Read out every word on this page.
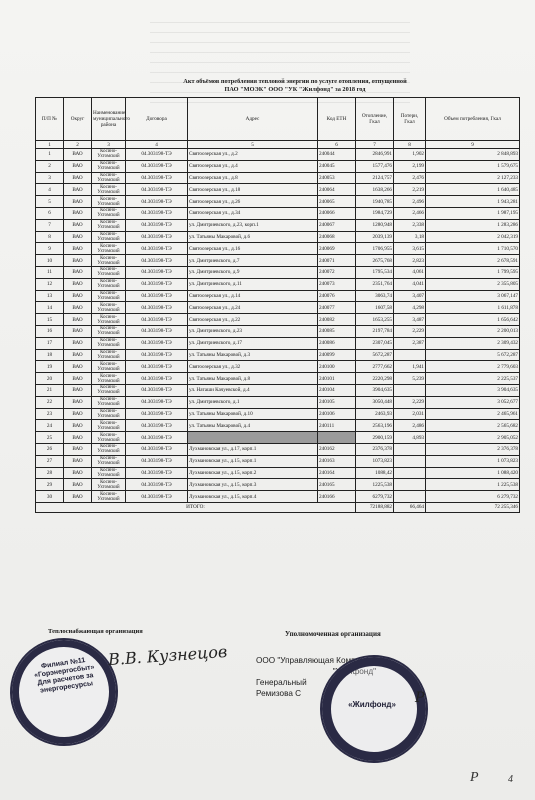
Акт объёмов потребления тепловой энергии по услуге отопления, отпущенной
ПАО "МОЭК" ООО "УК "Жилфонд" за 2018 год
П/П №	Округ	Наименование муниципального района	Договора	Адрес	Код ЕТН	Отопление, Гкал	Потери, Гкал	Объем потребления, Гкал
1	2	3	4	5	6	7	8	9
1	ВАО	Косино-Ухтомский	04.303198-ТЭ	Святоозерская ул., д.2	240044	2846,991	1,902	2 848,893
2	ВАО	Косино-Ухтомский	04.303198-ТЭ	Святоозерская ул., д.4	240045	1577,476	2,199	1 579,675
3	ВАО	Косино-Ухтомский	04.303198-ТЭ	Святоозерская ул., д.8	240053	2124,757	2,476	2 127,233
4	ВАО	Косино-Ухтомский	04.303198-ТЭ	Святоозерская ул., д.18	240064	1638,266	2,219	1 640,485
5	ВАО	Косино-Ухтомский	04.303198-ТЭ	Святоозерская ул., д.26	240065	1940,785	2,496	1 943,281
6	ВАО	Косино-Ухтомский	04.303198-ТЭ	Святоозерская ул., д.34	240066	1984,729	2,466	1 987,195
7	ВАО	Косино-Ухтомский	04.303198-ТЭ	ул. Дмитриевского, д.23, корп.1	240067	1280,948	2,338	1 283,286
8	ВАО	Косино-Ухтомский	04.303198-ТЭ	ул. Татьяны Макаровой, д.6	240068	2039,139	3,18	2 042,319
9	ВАО	Косино-Ухтомский	04.303198-ТЭ	Святоозерская ул., д.16	240069	1706,955	3,615	1 710,570
10	ВАО	Косино-Ухтомский	04.303198-ТЭ	ул. Дмитриевского, д.7	240071	2675,768	2,823	2 678,591
11	ВАО	Косино-Ухтомский	04.303198-ТЭ	ул. Дмитриевского, д.9	240072	1795,534	4,061	1 799,595
12	ВАО	Косино-Ухтомский	04.303198-ТЭ	ул. Дмитриевского, д.11	240073	2351,764	4,041	2 355,805
13	ВАО	Косино-Ухтомский	04.303198-ТЭ	Святоозерская ул., д.14	240076	3063,74	3,407	3 067,147
14	ВАО	Косино-Ухтомский	04.303198-ТЭ	Святоозерская ул., д.24	240077	1607,58	4,298	1 611,878
15	ВАО	Косино-Ухтомский	04.303198-ТЭ	Святоозерская ул., д.22	240082	1653,255	3,487	1 656,642
16	ВАО	Косино-Ухтомский	04.303198-ТЭ	ул. Дмитриевского, д.23	240085	2197,784	2,229	2 200,013
17	ВАО	Косино-Ухтомский	04.303198-ТЭ	ул. Дмитриевского, д.17	240086	2307,045	2,387	2 309,432
18	ВАО	Косино-Ухтомский	04.303198-ТЭ	ул. Татьяны Макаровой, д.3	240099	5672,287		5 672,287
19	ВАО	Косино-Ухтомский	04.303198-ТЭ	Святоозерская ул., д.32	240100	2777,662	1,941	2 779,603
20	ВАО	Косино-Ухтомский	04.303198-ТЭ	ул. Татьяны Макаровой, д.8	240101	2220,298	5,239	2 225,537
21	ВАО	Косино-Ухтомский	04.303198-ТЭ	ул. Наташи Качуевской, д.4	240104	3904,635		3 904,635
22	ВАО	Косино-Ухтомский	04.303198-ТЭ	ул. Дмитриевского, д.1	240105	3050,448	2,229	3 052,677
23	ВАО	Косино-Ухтомский	04.303198-ТЭ	ул. Татьяны Макаровой, д.10	240106	2463,93	2,031	2 465,961
24	ВАО	Косино-Ухтомский	04.303198-ТЭ	ул. Татьяны Макаровой, д.4	240111	2563,196	2,486	2 565,682
25	ВАО	Косино-Ухтомский	04.303198-ТЭ			2900,159	4,893	2 905,052
26	ВАО	Косино-Ухтомский	04.303198-ТЭ	Лухмановская ул., д.17, корп.1	240162	2376,378		2 376,378
27	ВАО	Косино-Ухтомский	04.303198-ТЭ	Лухмановская ул., д.15, корп.1	240163	1073,823		1 073,823
28	ВАО	Косино-Ухтомский	04.303198-ТЭ	Лухмановская ул., д.15, корп.2	240164	1088,42		1 088,420
29	ВАО	Косино-Ухтомский	04.303198-ТЭ	Лухмановская ул., д.15, корп.3	240165	1225,538		1 225,538
30	ВАО	Косино-Ухтомский	04.303198-ТЭ	Лухмановская ул., д.15, корп.4	240166	6279,732		6 279,732
ИТОГО:						72188,882	66,464	72 255,346
Теплоснабжающая организация
Филиал №11 «Горэнергосбыт» Для расчетов за энергоресурсы
В.В. Кузнецов
Уполномоченная организация
ООО "Управляющая Компания
"Жилфонд"
Генеральный
Ремизова С
«Жилфонд»	Р
Р	4
